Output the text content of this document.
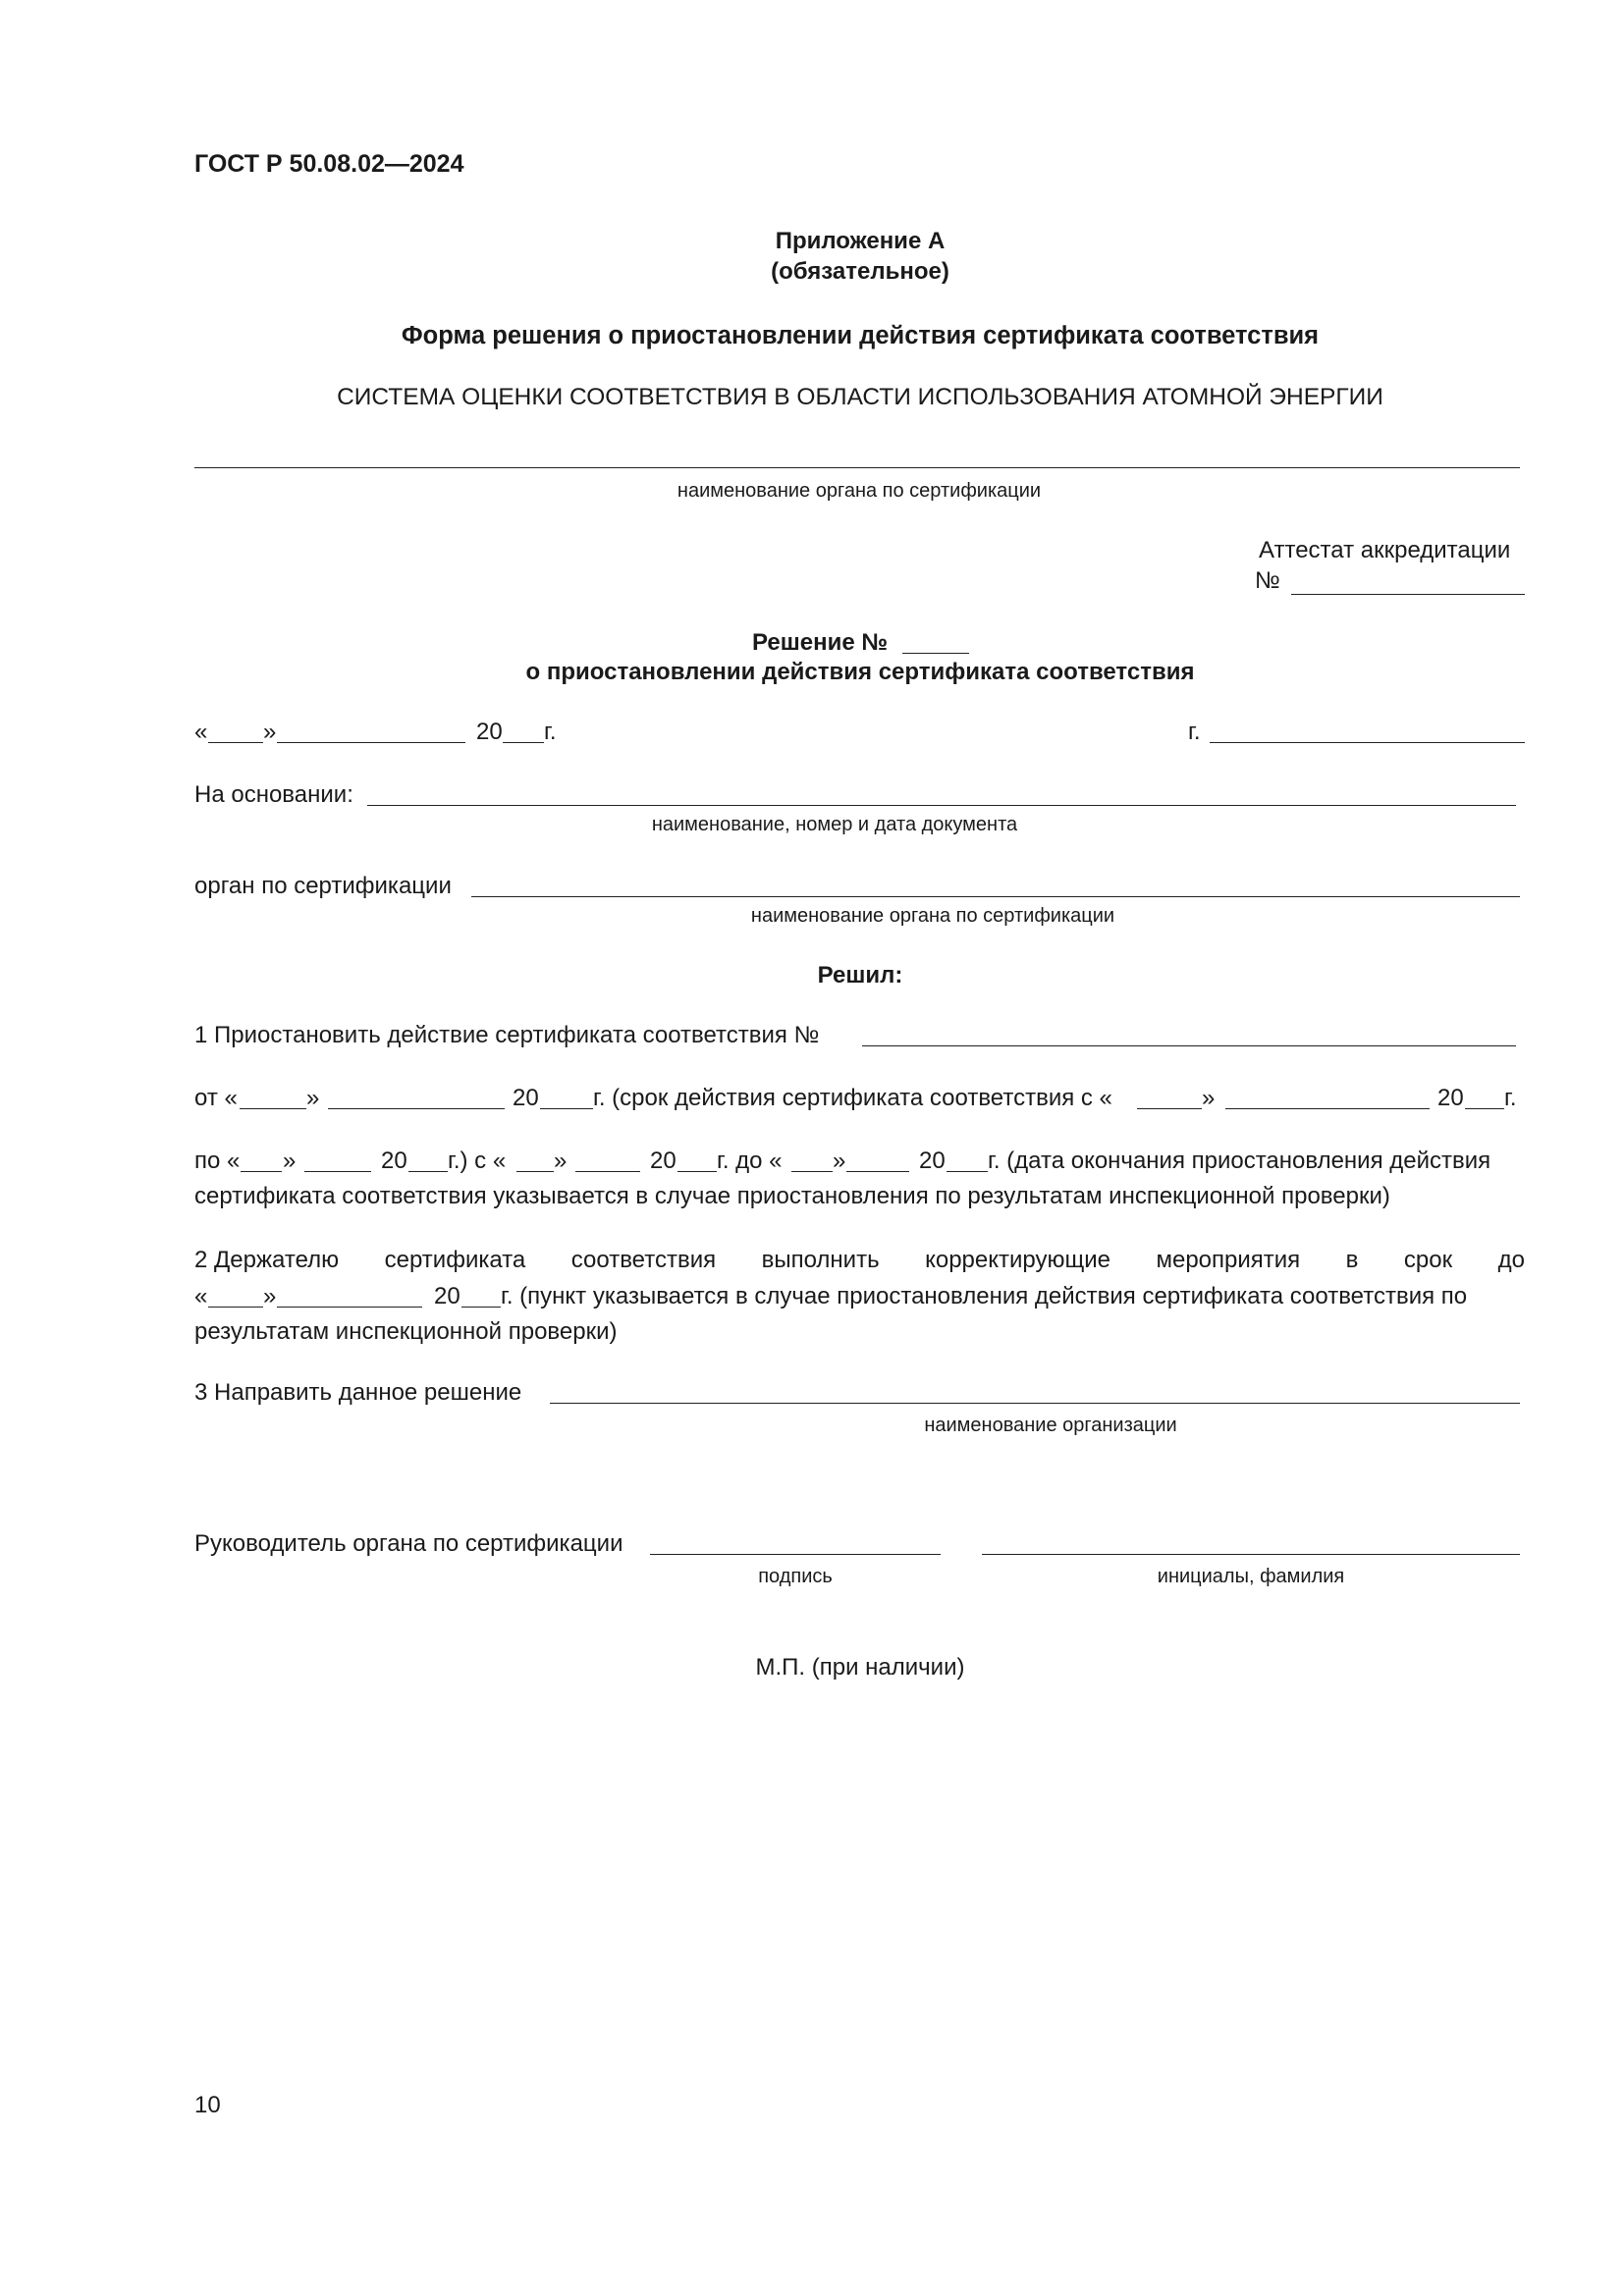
ГОСТ Р 50.08.02—2024
Приложение А
(обязательное)
Форма решения о приостановлении действия сертификата соответствия
СИСТЕМА ОЦЕНКИ СООТВЕТСТВИЯ В ОБЛАСТИ ИСПОЛЬЗОВАНИЯ АТОМНОЙ ЭНЕРГИИ
наименование органа по сертификации
Аттестат аккредитации
№
Решение №
о приостановлении действия сертификата соответствия
« »	20 г.	г.
На основании:
наименование, номер и дата документа
орган по сертификации
наименование органа по сертификации
Решил:
1 Приостановить действие сертификата соответствия №
от «	»	20 г. (срок действия сертификата соответствия с «	»	20 г.
по « »	20 г.) с « »	20 г. до « »	20 г. (дата окончания приостановления действия
сертификата соответствия указывается в случае приостановления по результатам инспекционной проверки)
2 Держателю сертификата соответствия выполнить корректирующие мероприятия в срок до
« »	20 г. (пункт указывается в случае приостановления действия сертификата соответствия по
результатам инспекционной проверки)
3 Направить данное решение
наименование организации
Руководитель органа по сертификации
подпись	инициалы, фамилия
М.П. (при наличии)
10
